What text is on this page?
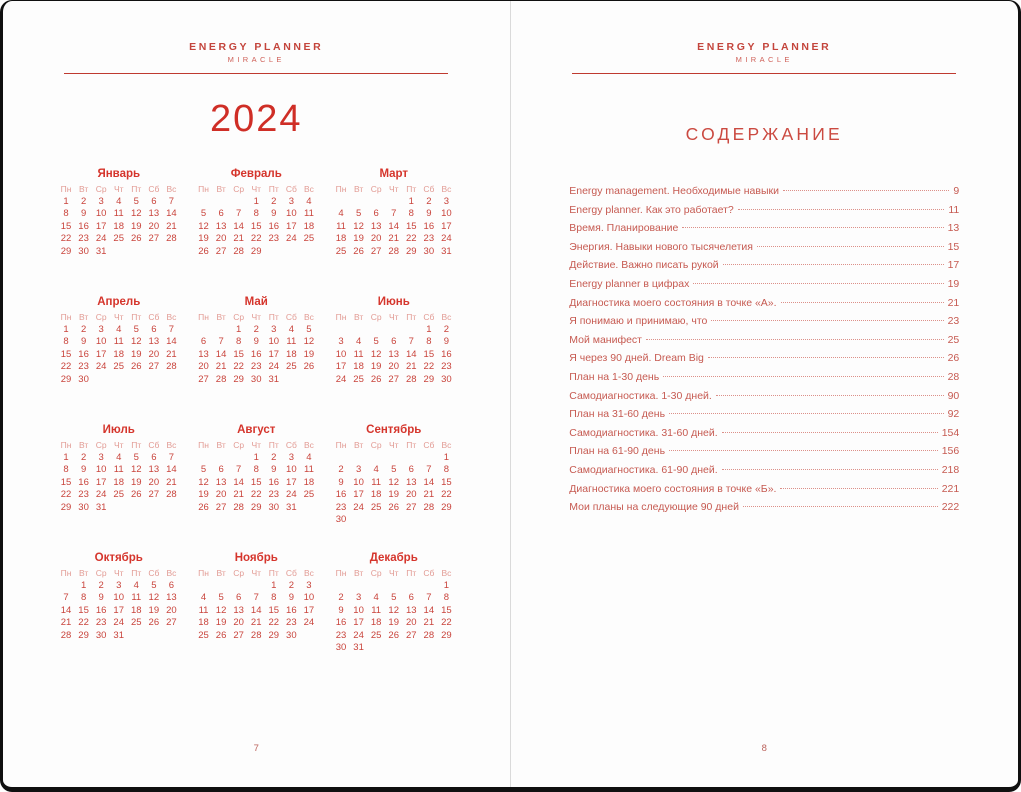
ENERGY PLANNER
MIRACLE
2024
Январь
Пн	Вт	Ср	Чт	Пт	Сб	Вс
1	2	3	4	5	6	7
8	9	10	11	12	13	14
15	16	17	18	19	20	21
22	23	24	25	26	27	28
29	30	31				
Февраль
Пн	Вт	Ср	Чт	Пт	Сб	Вс
			1	2	3	4
5	6	7	8	9	10	11
12	13	14	15	16	17	18
19	20	21	22	23	24	25
26	27	28	29			
Март
Пн	Вт	Ср	Чт	Пт	Сб	Вс
				1	2	3
4	5	6	7	8	9	10
11	12	13	14	15	16	17
18	19	20	21	22	23	24
25	26	27	28	29	30	31
Апрель
Пн	Вт	Ср	Чт	Пт	Сб	Вс
1	2	3	4	5	6	7
8	9	10	11	12	13	14
15	16	17	18	19	20	21
22	23	24	25	26	27	28
29	30					
Май
Пн	Вт	Ср	Чт	Пт	Сб	Вс
		1	2	3	4	5
6	7	8	9	10	11	12
13	14	15	16	17	18	19
20	21	22	23	24	25	26
27	28	29	30	31		
Июнь
Пн	Вт	Ср	Чт	Пт	Сб	Вс
					1	2
3	4	5	6	7	8	9
10	11	12	13	14	15	16
17	18	19	20	21	22	23
24	25	26	27	28	29	30
Июль
Пн	Вт	Ср	Чт	Пт	Сб	Вс
1	2	3	4	5	6	7
8	9	10	11	12	13	14
15	16	17	18	19	20	21
22	23	24	25	26	27	28
29	30	31				
Август
Пн	Вт	Ср	Чт	Пт	Сб	Вс
			1	2	3	4
5	6	7	8	9	10	11
12	13	14	15	16	17	18
19	20	21	22	23	24	25
26	27	28	29	30	31	
Сентябрь
Пн	Вт	Ср	Чт	Пт	Сб	Вс
						1
2	3	4	5	6	7	8
9	10	11	12	13	14	15
16	17	18	19	20	21	22
23	24	25	26	27	28	29
30						
Октябрь
Пн	Вт	Ср	Чт	Пт	Сб	Вс
	1	2	3	4	5	6
7	8	9	10	11	12	13
14	15	16	17	18	19	20
21	22	23	24	25	26	27
28	29	30	31			
Ноябрь
Пн	Вт	Ср	Чт	Пт	Сб	Вс
				1	2	3
4	5	6	7	8	9	10
11	12	13	14	15	16	17
18	19	20	21	22	23	24
25	26	27	28	29	30	
Декабрь
Пн	Вт	Ср	Чт	Пт	Сб	Вс
						1
2	3	4	5	6	7	8
9	10	11	12	13	14	15
16	17	18	19	20	21	22
23	24	25	26	27	28	29
30	31					
7
ENERGY PLANNER
MIRACLE
СОДЕРЖАНИЕ
Energy management. Необходимые навыки	9
Energy planner. Как это работает?	11
Время. Планирование	13
Энергия. Навыки нового тысячелетия	15
Действие. Важно писать рукой	17
Energy planner в цифрах	19
Диагностика моего состояния в точке «А».	21
Я понимаю и принимаю, что	23
Мой манифест	25
Я через 90 дней. Dream Big	26
План на 1-30 день	28
Самодиагностика. 1-30 дней.	90
План на 31-60 день	92
Самодиагностика. 31-60 дней.	154
План на 61-90 день	156
Самодиагностика. 61-90 дней.	218
Диагностика моего состояния в точке «Б».	221
Мои планы на следующие 90 дней	222
8
